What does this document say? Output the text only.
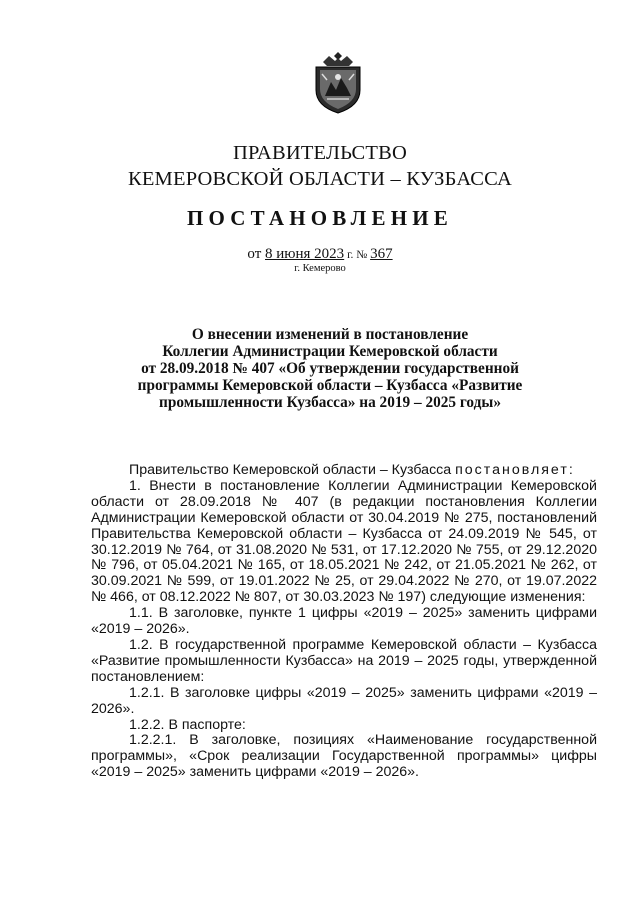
ПРАВИТЕЛЬСТВО
КЕМЕРОВСКОЙ ОБЛАСТИ – КУЗБАССА
ПОСТАНОВЛЕНИЕ
от 8 июня 2023 г. № 367
г. Кемерово
О внесении изменений в постановление
Коллегии Администрации Кемеровской области
от 28.09.2018 № 407 «Об утверждении государственной
программы Кемеровской области – Кузбасса «Развитие
промышленности Кузбасса» на 2019 – 2025 годы»

Правительство Кемеровской области – Кузбасса постановляет:

1. Внести в постановление Коллегии Администрации Кемеровской области от 28.09.2018 № 407 (в редакции постановления Коллегии Администрации Кемеровской области от 30.04.2019 № 275, постановлений Правительства Кемеровской области – Кузбасса от 24.09.2019 № 545, от 30.12.2019 № 764, от 31.08.2020 № 531, от 17.12.2020 № 755, от 29.12.2020 № 796, от 05.04.2021 № 165, от 18.05.2021 № 242, от 21.05.2021 № 262, от 30.09.2021 № 599, от 19.01.2022 № 25, от 29.04.2022 № 270, от 19.07.2022 № 466, от 08.12.2022 № 807, от 30.03.2023 № 197) следующие изменения:

1.1. В заголовке, пункте 1 цифры «2019 – 2025» заменить цифрами «2019 – 2026».

1.2. В государственной программе Кемеровской области – Кузбасса «Развитие промышленности Кузбасса» на 2019 – 2025 годы, утвержденной постановлением:

1.2.1. В заголовке цифры «2019 – 2025» заменить цифрами «2019 – 2026».

1.2.2. В паспорте:

1.2.2.1. В заголовке, позициях «Наименование государственной программы», «Срок реализации Государственной программы» цифры «2019 – 2025» заменить цифрами «2019 – 2026».
